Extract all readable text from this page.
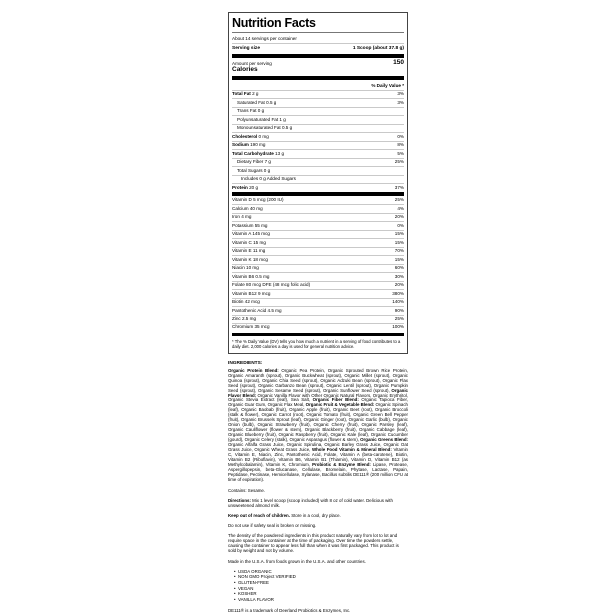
Nutrition Facts
About 14 servings per container
Serving size	1 Scoop (about 37.8 g)
Amount per serving	150
Calories
% Daily Value *
Total Fat 2 g	3%
Saturated Fat 0.5 g	3%
Trans Fat 0 g
Polyunsaturated Fat 1 g
Monounsaturated Fat 0.5 g
Cholesterol 0 mg	0%
Sodium 190 mg	8%
Total Carbohydrate 13 g	5%
Dietary Fiber 7 g	25%
Total Sugars 0 g
Includes 0 g Added Sugars
Protein 20 g	37%
Vitamin D 5 mcg (200 IU)	25%
Calcium 40 mg	4%
Iron 4 mg	20%
Potassium 55 mg	0%
Vitamin A 145 mcg	15%
Vitamin C 15 mg	15%
Vitamin E 11 mg	70%
Vitamin K 18 mcg	15%
Niacin 10 mg	60%
Vitamin B6 0.5 mg	30%
Folate 80 mcg DFE (48 mcg folic acid)	20%
Vitamin B12 9 mcg	380%
Biotin 42 mcg	140%
Pantothenic Acid 4.5 mg	90%
Zinc 2.5 mg	25%
Chromium 35 mcg	100%
* The % Daily Value (DV) tells you how much a nutrient in a serving of food contributes to a daily diet. 2,000 calories a day is used for general nutrition advice.

INGREDIENTS:

Organic Protein Blend: Organic Pea Protein, Organic Sprouted Brown Rice Protein, Organic Amaranth (sprout), Organic Buckwheat (sprout), Organic Millet (sprout), Organic Quinoa (sprout), Organic Chia Seed (sprout), Organic Adzuki Bean (sprout), Organic Flax Seed (sprout), Organic Garbanzo Bean (sprout), Organic Lentil (sprout), Organic Pumpkin Seed (sprout), Organic Sesame Seed (sprout), Organic Sunflower Seed (sprout), Organic Flavor Blend: Organic Vanilla Flavor with Other Organic Natural Flavors, Organic Erythritol, Organic Stevia Extract (leaf), Sea Salt, Organic Fiber Blend: Organic Tapioca Fiber, Organic Guar Gum, Organic Flax Meal, Organic Fruit & Vegetable Blend: Organic Spinach (leaf), Organic Baobab (fruit), Organic Apple (fruit), Organic Beet (root), Organic Broccoli (stalk & flower), Organic Carrot (root), Organic Tomato (fruit), Organic Green Bell Pepper (fruit), Organic Brussels Sprout (leaf), Organic Ginger (root), Organic Garlic (bulb), Organic Onion (bulb), Organic Strawberry (fruit), Organic Cherry (fruit), Organic Parsley (leaf), Organic Cauliflower (flower & stem), Organic Blackberry (fruit), Organic Cabbage (leaf), Organic Blueberry (fruit), Organic Raspberry (fruit), Organic Kale (leaf), Organic Cucumber (gourd), Organic Celery (stalk), Organic Asparagus (flower & stem), Organic Greens Blend: Organic Alfalfa Grass Juice, Organic Spirulina, Organic Barley Grass Juice, Organic Oat Grass Juice, Organic Wheat Grass Juice, Whole Food Vitamin & Mineral Blend: Vitamin C, Vitamin E, Niacin, Zinc, Pantothenic Acid, Folate, Vitamin A (beta-carotene), Biotin, Vitamin B2 (Riboflavin), Vitamin B6, Vitamin B1 (Thiamin), Vitamin D, Vitamin B12 (as Methylcobalamin), Vitamin K, Chromium, Probiotic & Enzyme Blend: Lipase, Protease, Aspergillopepsin, beta-Glucanase, Cellulase, Bromelain, Phytase, Lactase, Papain, Peptidase, Pectinase, Hemicellulase, Xylanase, Bacillus subtilis DE111® (200 million CFU at time of expiration).

Contains: Sesame.

Directions: Mix 1 level scoop (scoop included) with 8 oz of cold water. Delicious with unsweetened almond milk.

Keep out of reach of children. Store in a cool, dry place.

Do not use if safety seal is broken or missing.

The density of the powdered ingredients in this product naturally vary from lot to lot and require space in the container at the time of packaging. Over time the powders settle, causing the container to appear less full than when it was first packaged. This product is sold by weight and not by volume.

Made in the U.S.A. from foods grown in the U.S.A. and other countries.

• USDA ORGANIC
• NON GMO Project VERIFIED
• GLUTEN-FREE
• VEGAN
• KOSHER
• VANILLA FLAVOR

DE111® is a trademark of Deerland Probiotics & Enzymes, Inc.
